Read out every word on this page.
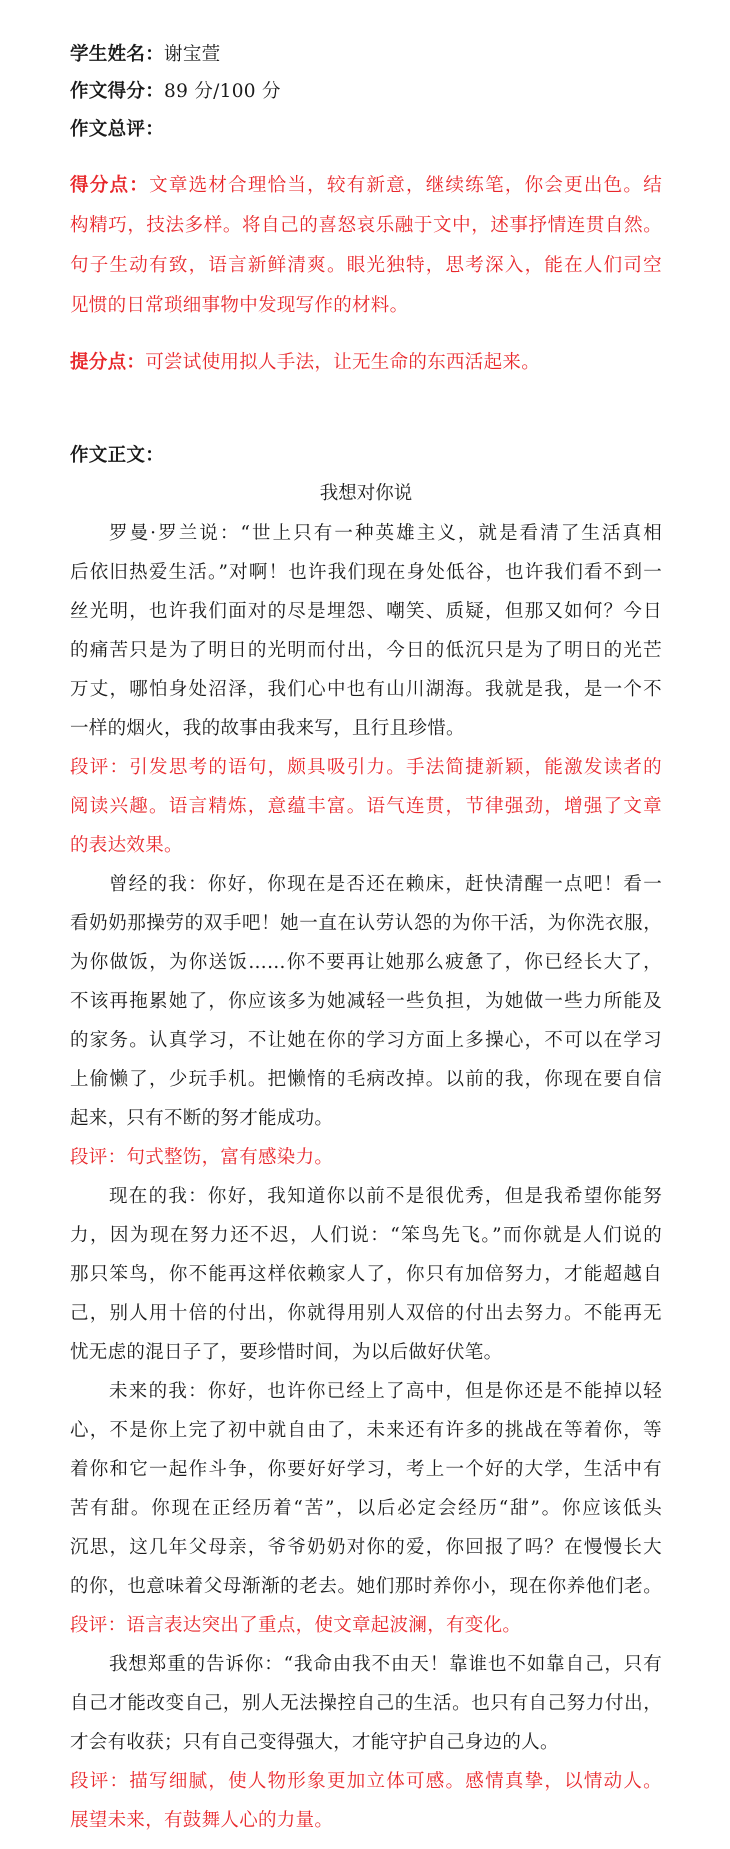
学生姓名：谢宝萱
作文得分：89 分/100 分
作文总评：
得分点：文章选材合理恰当，较有新意，继续练笔，你会更出色。结
构精巧，技法多样。将自己的喜怒哀乐融于文中，述事抒情连贯自然。
句子生动有致，语言新鲜清爽。眼光独特，思考深入，能在人们司空
见惯的日常琐细事物中发现写作的材料。
提分点：可尝试使用拟人手法，让无生命的东西活起来。
作文正文：
我想对你说
罗曼·罗兰说：“世上只有一种英雄主义，就是看清了生活真相
后依旧热爱生活。”对啊！也许我们现在身处低谷，也许我们看不到一
丝光明，也许我们面对的尽是埋怨、嘲笑、质疑，但那又如何？今日
的痛苦只是为了明日的光明而付出，今日的低沉只是为了明日的光芒
万丈，哪怕身处沼泽，我们心中也有山川湖海。我就是我，是一个不
一样的烟火，我的故事由我来写，且行且珍惜。
段评：引发思考的语句，颇具吸引力。手法简捷新颖，能激发读者的
阅读兴趣。语言精炼，意蕴丰富。语气连贯，节律强劲，增强了文章
的表达效果。
曾经的我：你好，你现在是否还在赖床，赶快清醒一点吧！看一
看奶奶那操劳的双手吧！她一直在认劳认怨的为你干活，为你洗衣服，
为你做饭，为你送饭……你不要再让她那么疲惫了，你已经长大了，
不该再拖累她了，你应该多为她减轻一些负担，为她做一些力所能及
的家务。认真学习，不让她在你的学习方面上多操心，不可以在学习
上偷懒了，少玩手机。把懒惰的毛病改掉。以前的我，你现在要自信
起来，只有不断的努才能成功。
段评：句式整饬，富有感染力。
现在的我：你好，我知道你以前不是很优秀，但是我希望你能努
力，因为现在努力还不迟，人们说：“笨鸟先飞。”而你就是人们说的
那只笨鸟，你不能再这样依赖家人了，你只有加倍努力，才能超越自
己，别人用十倍的付出，你就得用别人双倍的付出去努力。不能再无
忧无虑的混日子了，要珍惜时间，为以后做好伏笔。
未来的我：你好，也许你已经上了高中，但是你还是不能掉以轻
心，不是你上完了初中就自由了，未来还有许多的挑战在等着你，等
着你和它一起作斗争，你要好好学习，考上一个好的大学，生活中有
苦有甜。你现在正经历着“苦”，以后必定会经历“甜”。你应该低头
沉思，这几年父母亲，爷爷奶奶对你的爱，你回报了吗？在慢慢长大
的你，也意味着父母渐渐的老去。她们那时养你小，现在你养他们老。
段评：语言表达突出了重点，使文章起波澜，有变化。
我想郑重的告诉你：“我命由我不由天！靠谁也不如靠自己，只有
自己才能改变自己，别人无法操控自己的生活。也只有自己努力付出，
才会有收获；只有自己变得强大，才能守护自己身边的人。
段评：描写细腻，使人物形象更加立体可感。感情真挚，以情动人。
展望未来，有鼓舞人心的力量。
